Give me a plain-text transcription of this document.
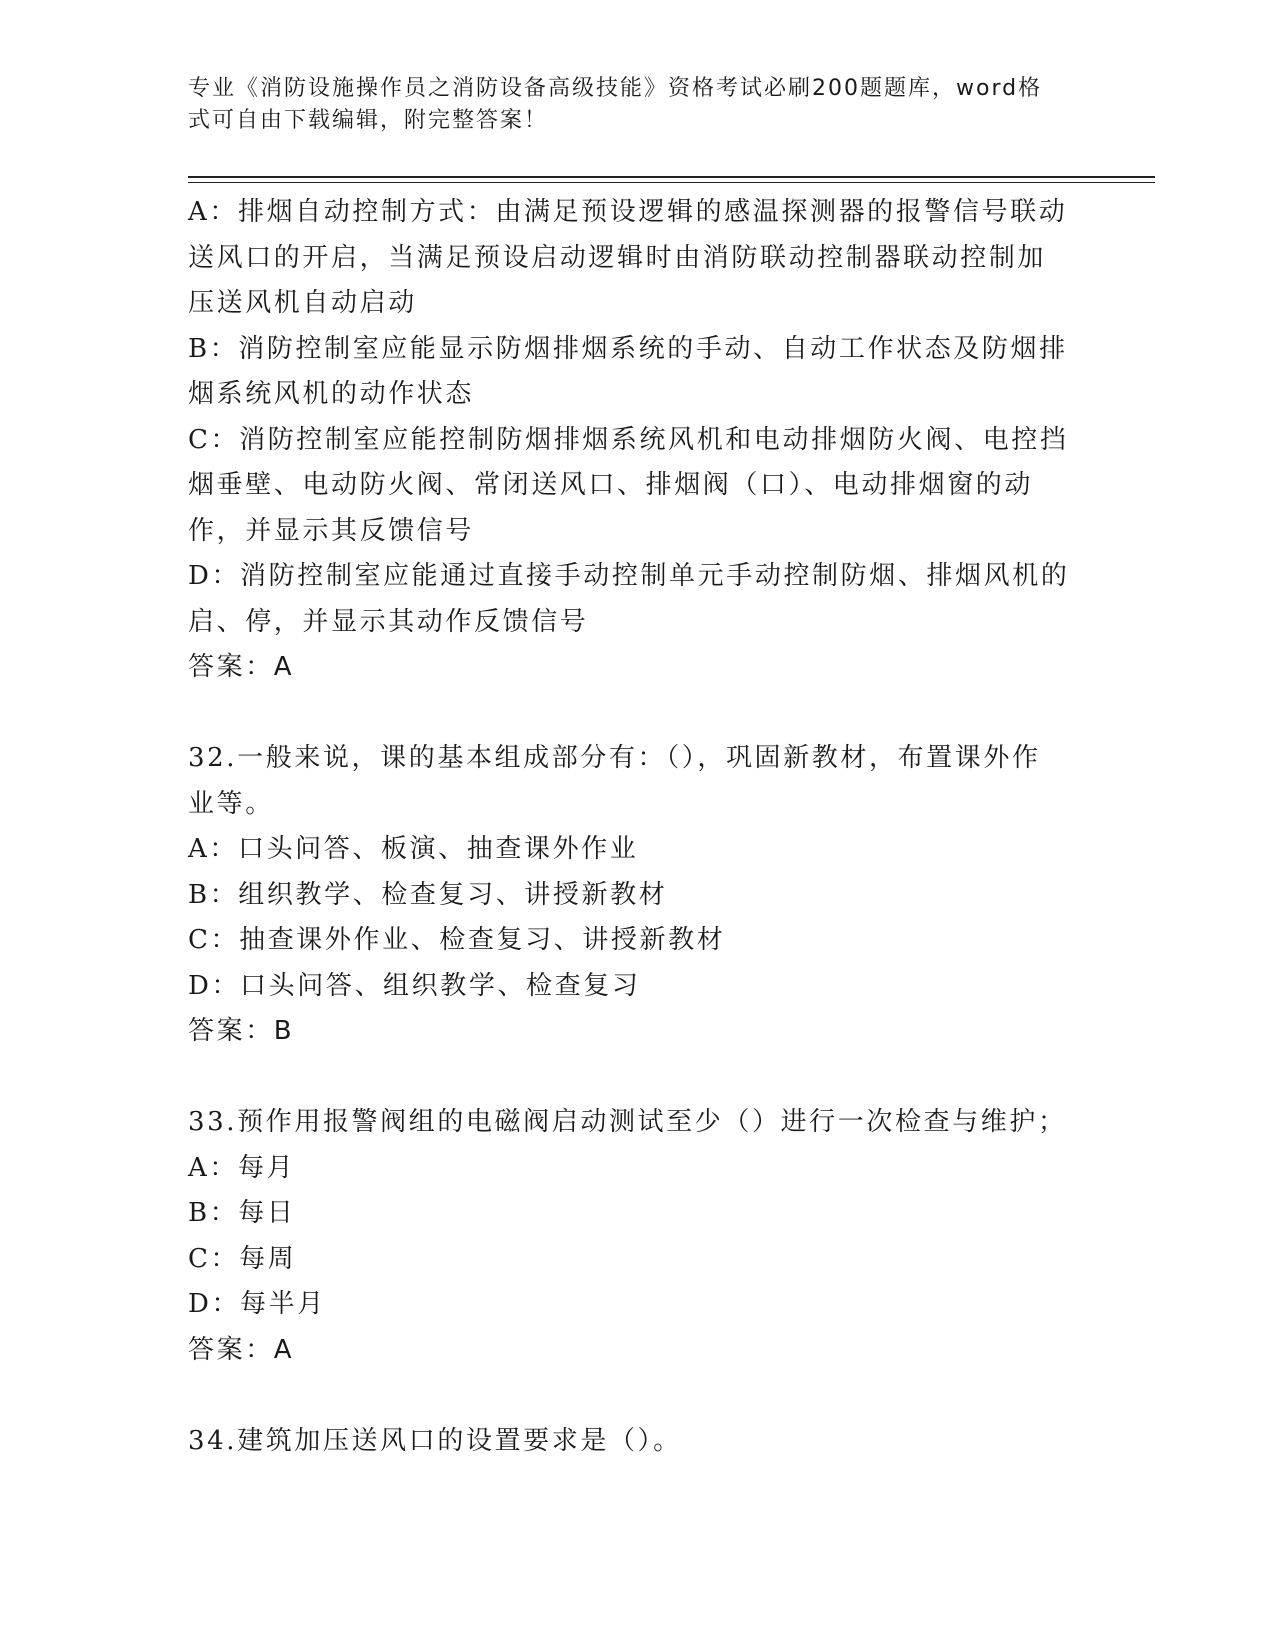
专业《消防设施操作员之消防设备高级技能》资格考试必刷200题题库，word格
式可自由下载编辑，附完整答案！

A：排烟自动控制方式：由满足预设逻辑的感温探测器的报警信号联动

送风口的开启，当满足预设启动逻辑时由消防联动控制器联动控制加

压送风机自动启动

B：消防控制室应能显示防烟排烟系统的手动、自动工作状态及防烟排

烟系统风机的动作状态

C：消防控制室应能控制防烟排烟系统风机和电动排烟防火阀、电控挡

烟垂壁、电动防火阀、常闭送风口、排烟阀（口）、电动排烟窗的动

作，并显示其反馈信号

D：消防控制室应能通过直接手动控制单元手动控制防烟、排烟风机的

启、停，并显示其动作反馈信号

答案：A

32.一般来说，课的基本组成部分有：（），巩固新教材，布置课外作

业等。

A：口头问答、板演、抽查课外作业

B：组织教学、检查复习、讲授新教材

C：抽查课外作业、检查复习、讲授新教材

D：口头问答、组织教学、检查复习

答案：B

33.预作用报警阀组的电磁阀启动测试至少（）进行一次检查与维护；

A：每月

B：每日

C：每周

D：每半月

答案：A

34.建筑加压送风口的设置要求是（）。
